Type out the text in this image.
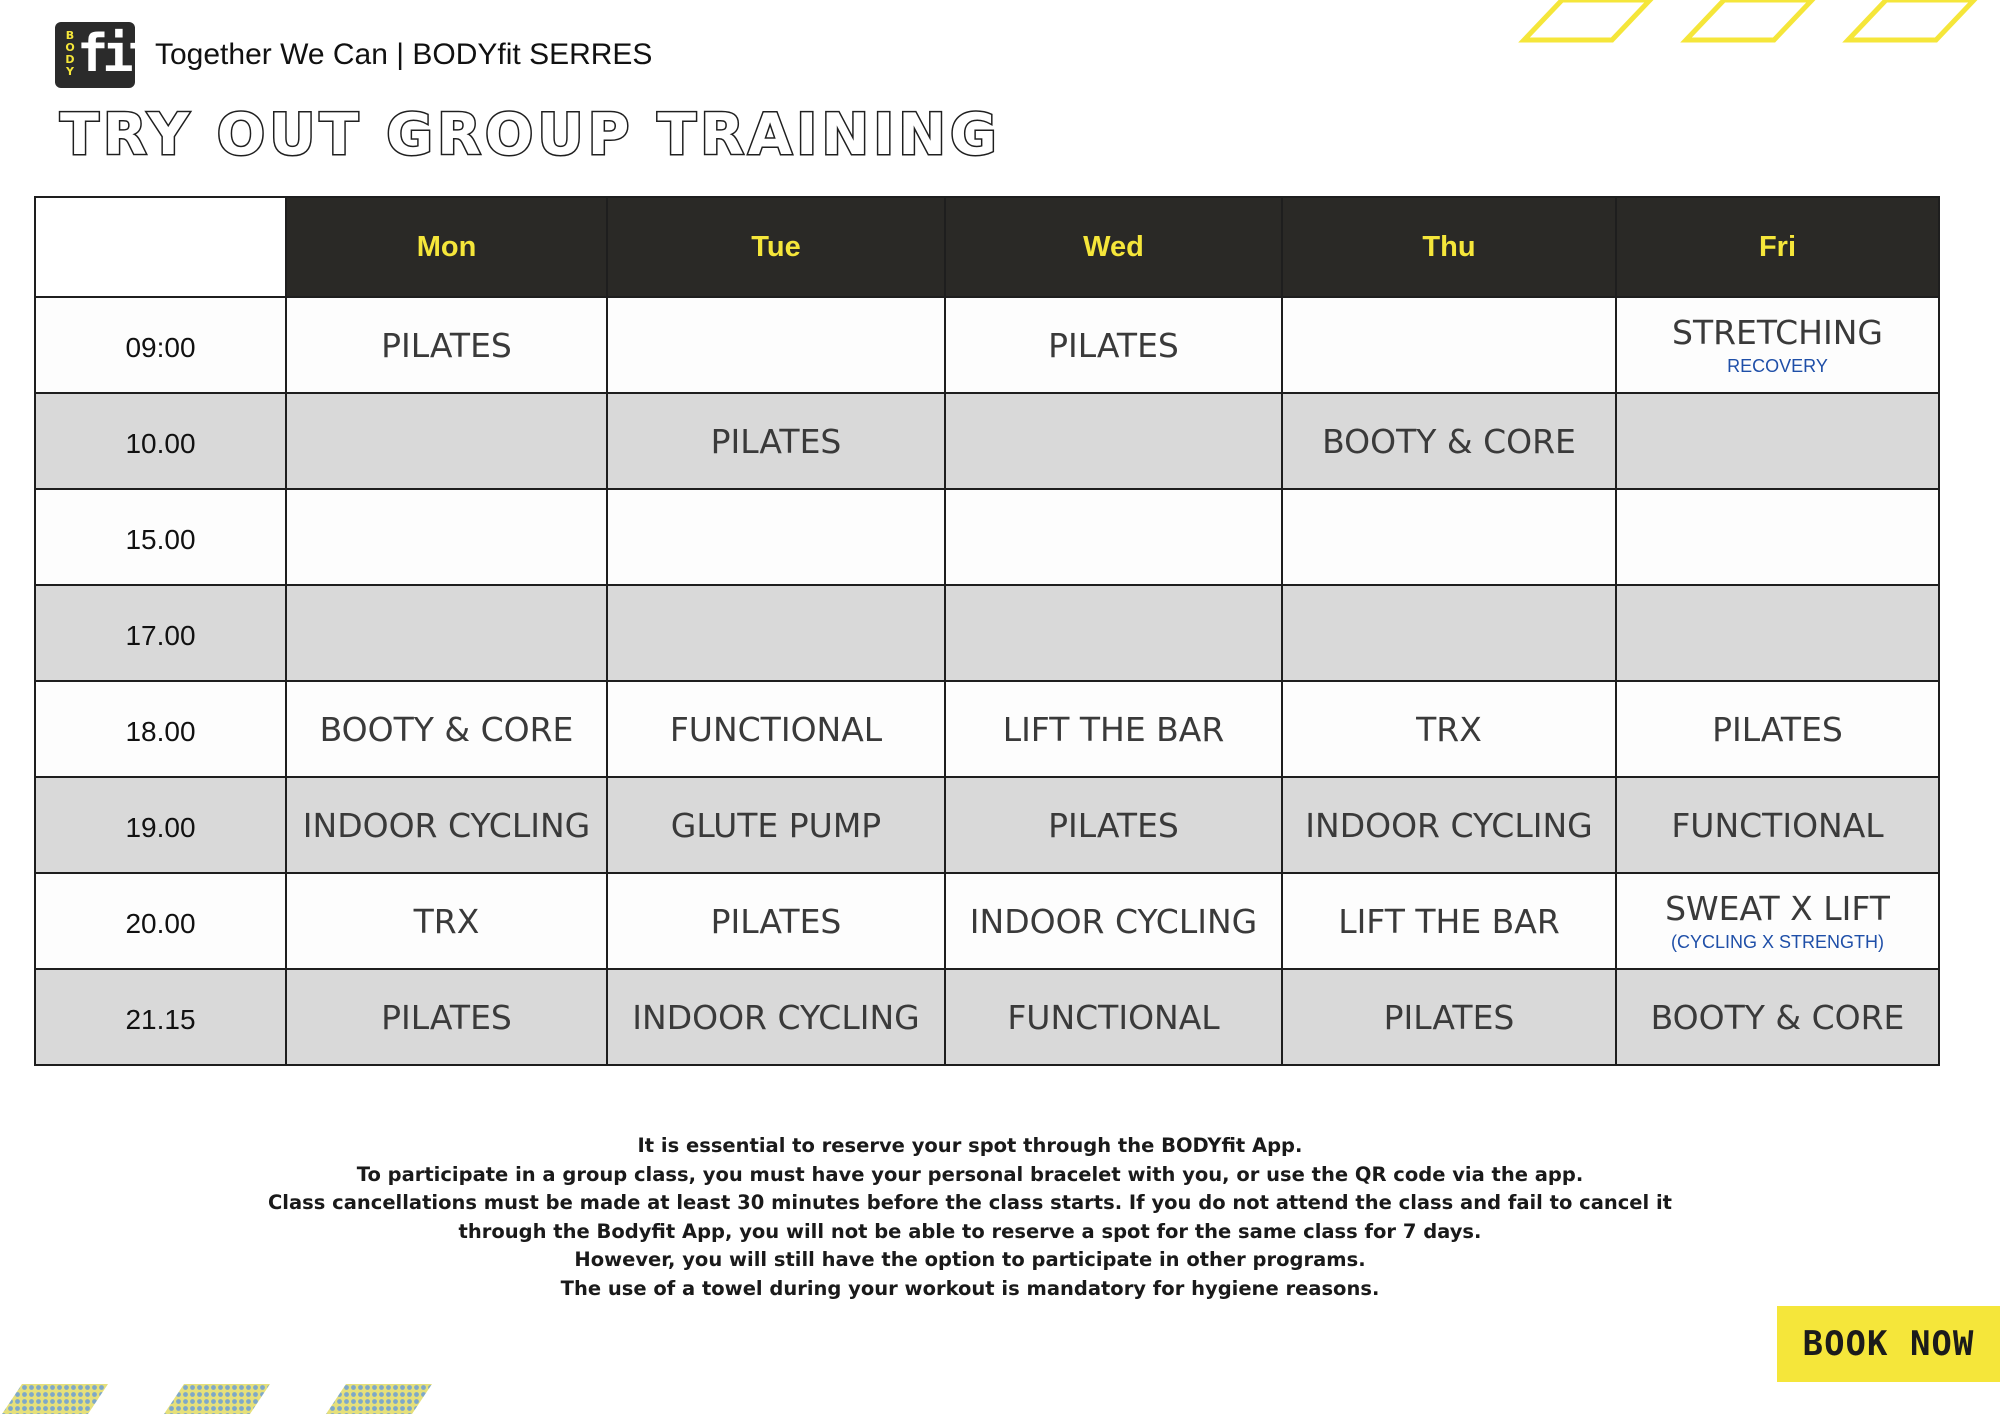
B
O
D
Y fit Together We Can | BODYfit SERRES
TRY OUT GROUP TRAINING
	Mon	Tue	Wed	Thu	Fri
09:00	PILATES		PILATES		STRETCHING
RECOVERY

10.00		PILATES		BOOTY & CORE	

15.00	

17.00	

18.00	BOOTY & CORE	FUNCTIONAL	LIFT THE BAR	TRX	PILATES

19.00	INDOOR CYCLING	GLUTE PUMP	PILATES	INDOOR CYCLING	FUNCTIONAL

20.00	TRX	PILATES	INDOOR CYCLING	LIFT THE BAR	SWEAT X LIFT
(CYCLING X STRENGTH)

21.15	PILATES	INDOOR CYCLING	FUNCTIONAL	PILATES	BOOTY & CORE

It is essential to reserve your spot through the BODYfit App.

To participate in a group class, you must have your personal bracelet with you, or use the QR code via the app.

Class cancellations must be made at least 30 minutes before the class starts. If you do not attend the class and fail to cancel it

through the Bodyfit App, you will not be able to reserve a spot for the same class for 7 days.

However, you will still have the option to participate in other programs.

The use of a towel during your workout is mandatory for hygiene reasons.

BOOK NOW
